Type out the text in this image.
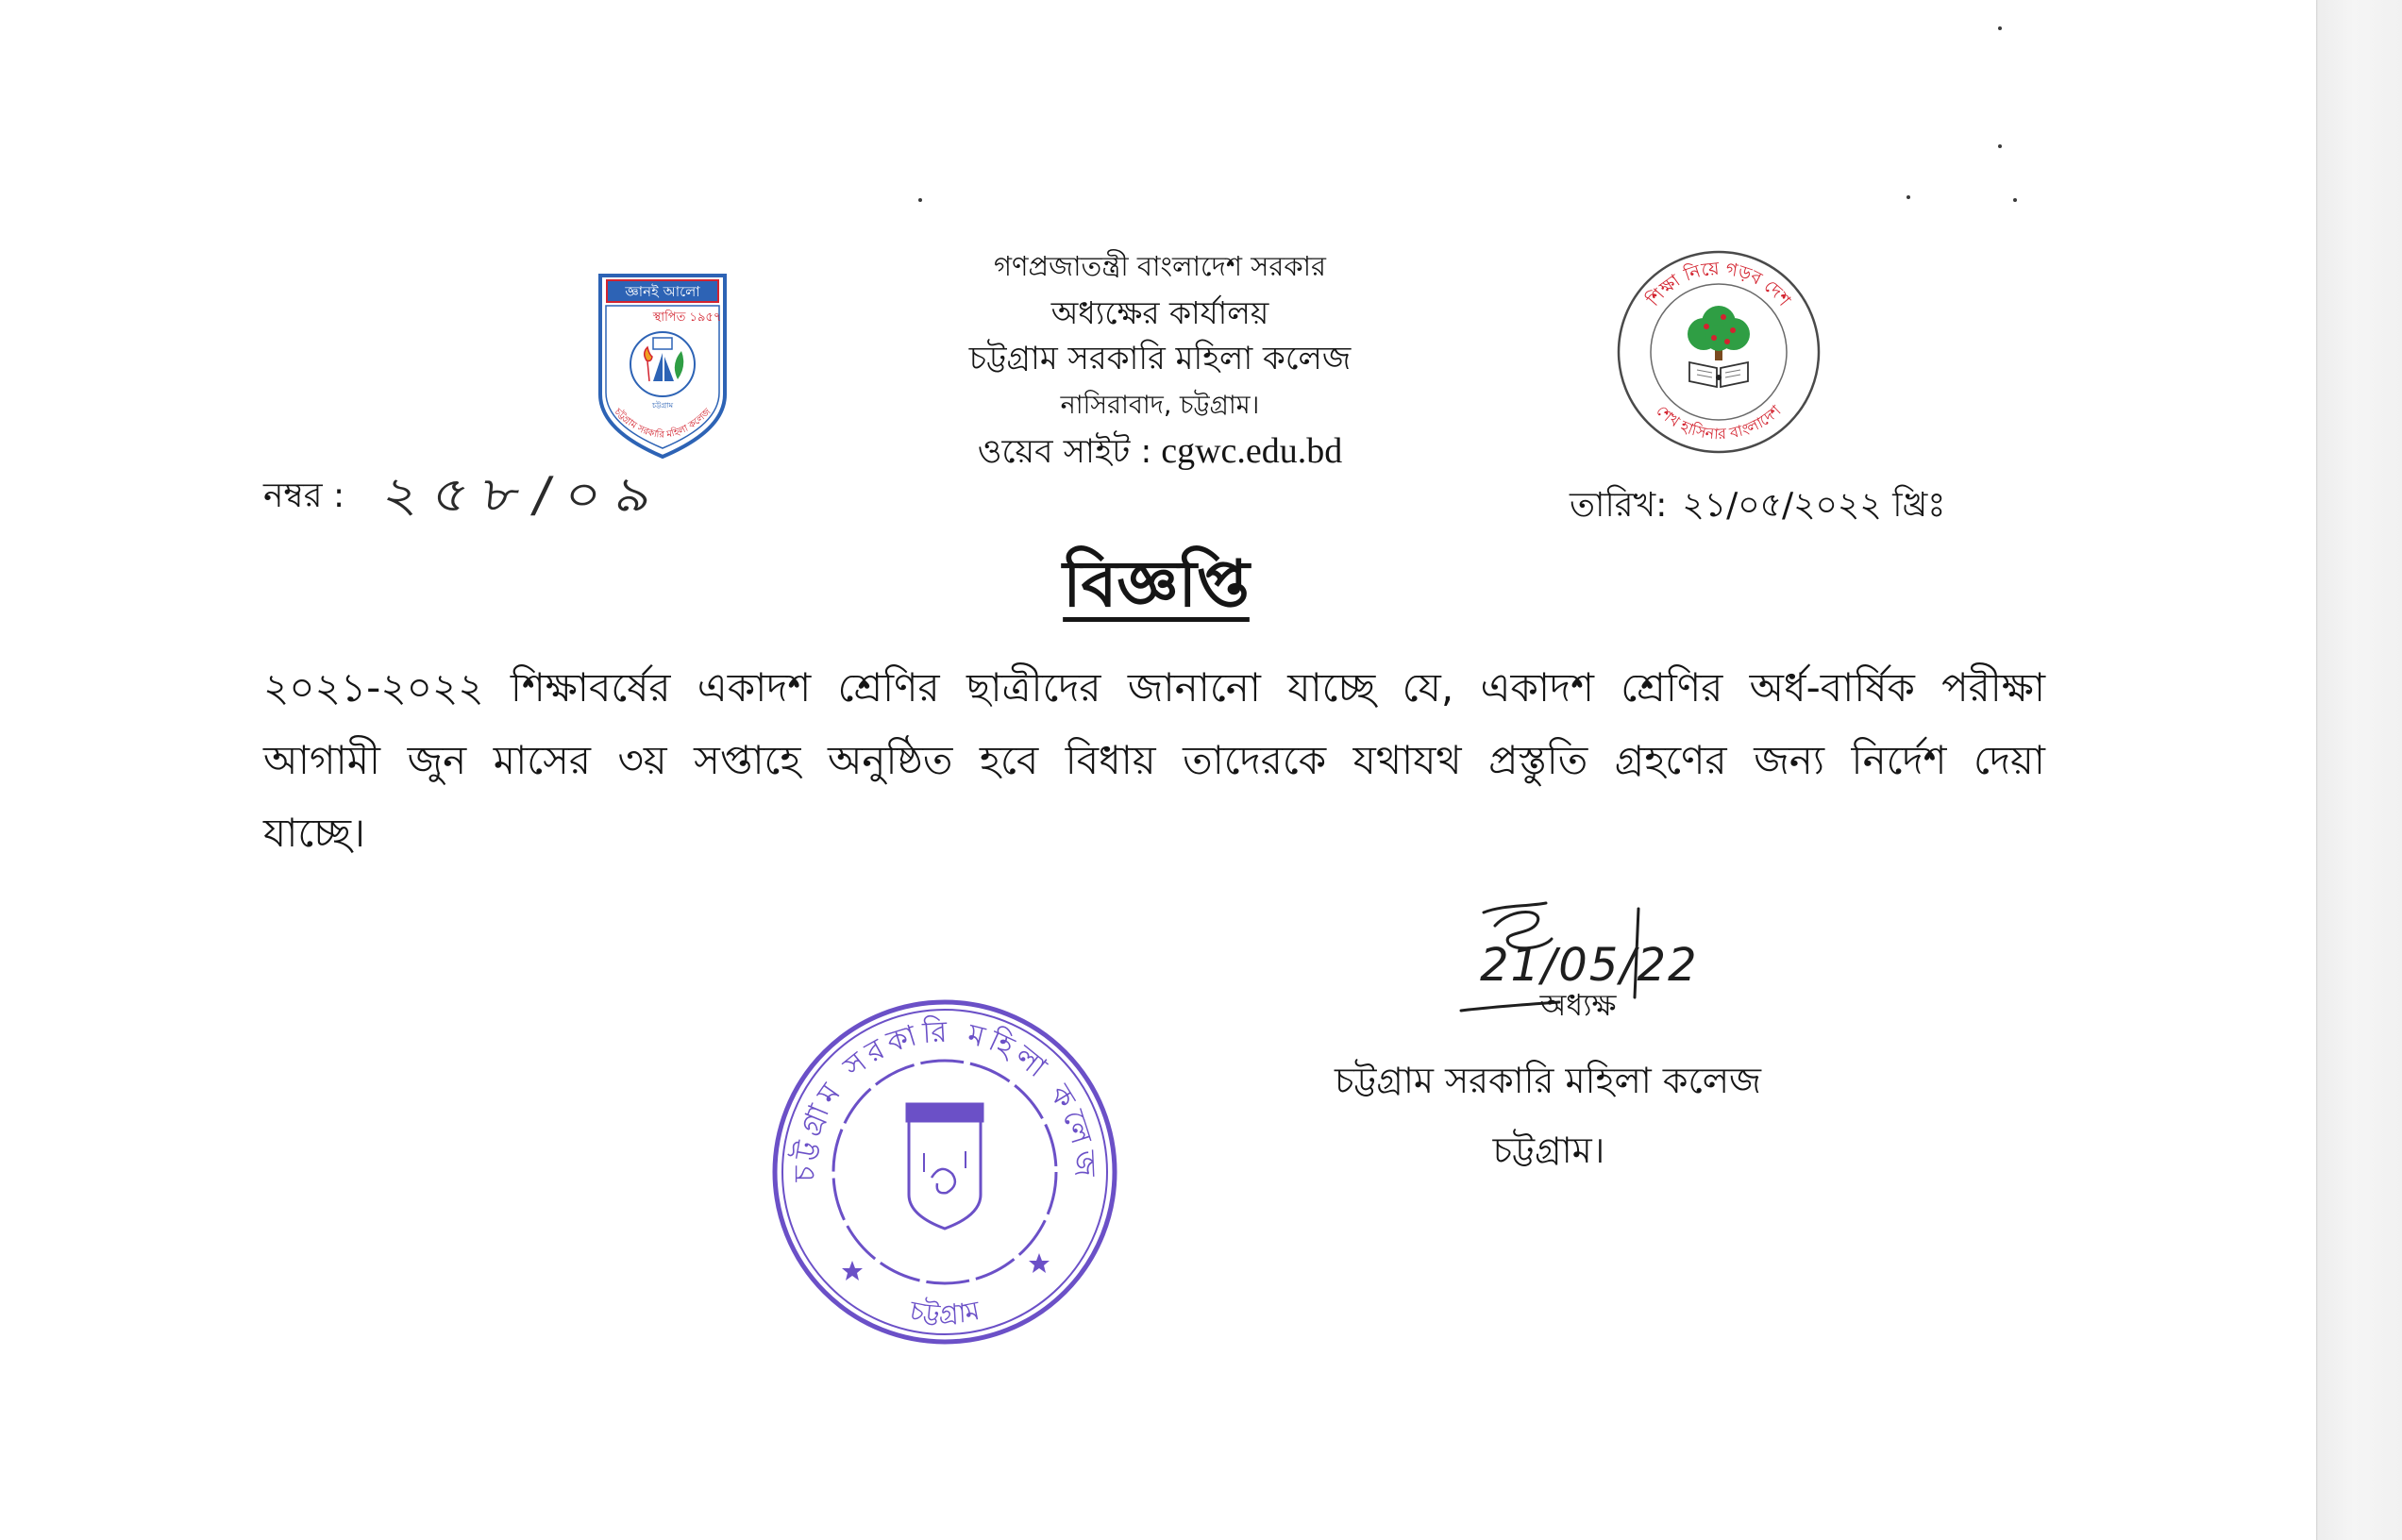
জ্ঞানই আলো
স্থাপিত ১৯৫৭
চট্টগ্রাম
চট্টগ্রাম সরকারি মহিলা কলেজ
গণপ্রজাতন্ত্রী বাংলাদেশ সরকার
অধ্যক্ষের কার্যালয়
চট্টগ্রাম সরকারি মহিলা কলেজ
নাসিরাবাদ, চট্টগ্রাম।
ওয়েব সাইট : cgwc.edu.bd
শিক্ষা নিয়ে গড়ব দেশ
শেখ হাসিনার বাংলাদেশ
নম্বর : ২৫৮/০৯	তারিখ: ২১/০৫/২০২২ খ্রিঃ
বিজ্ঞপ্তি
২০২১-২০২২ শিক্ষাবর্ষের একাদশ শ্রেণির ছাত্রীদের জানানো যাচ্ছে যে, একাদশ শ্রেণির অর্ধ-বার্ষিক পরীক্ষা
আগামী জুন মাসের ৩য় সপ্তাহে অনুষ্ঠিত হবে বিধায় তাদেরকে যথাযথ প্রস্তুতি গ্রহণের জন্য নির্দেশ দেয়া
যাচ্ছে।
21/05/22
অধ্যক্ষ
চট্টগ্রাম সরকারি মহিলা কলেজ
চট্টগ্রাম।
চট্টগ্রাম সরকারি মহিলা কলেজ
চট্টগ্রাম
